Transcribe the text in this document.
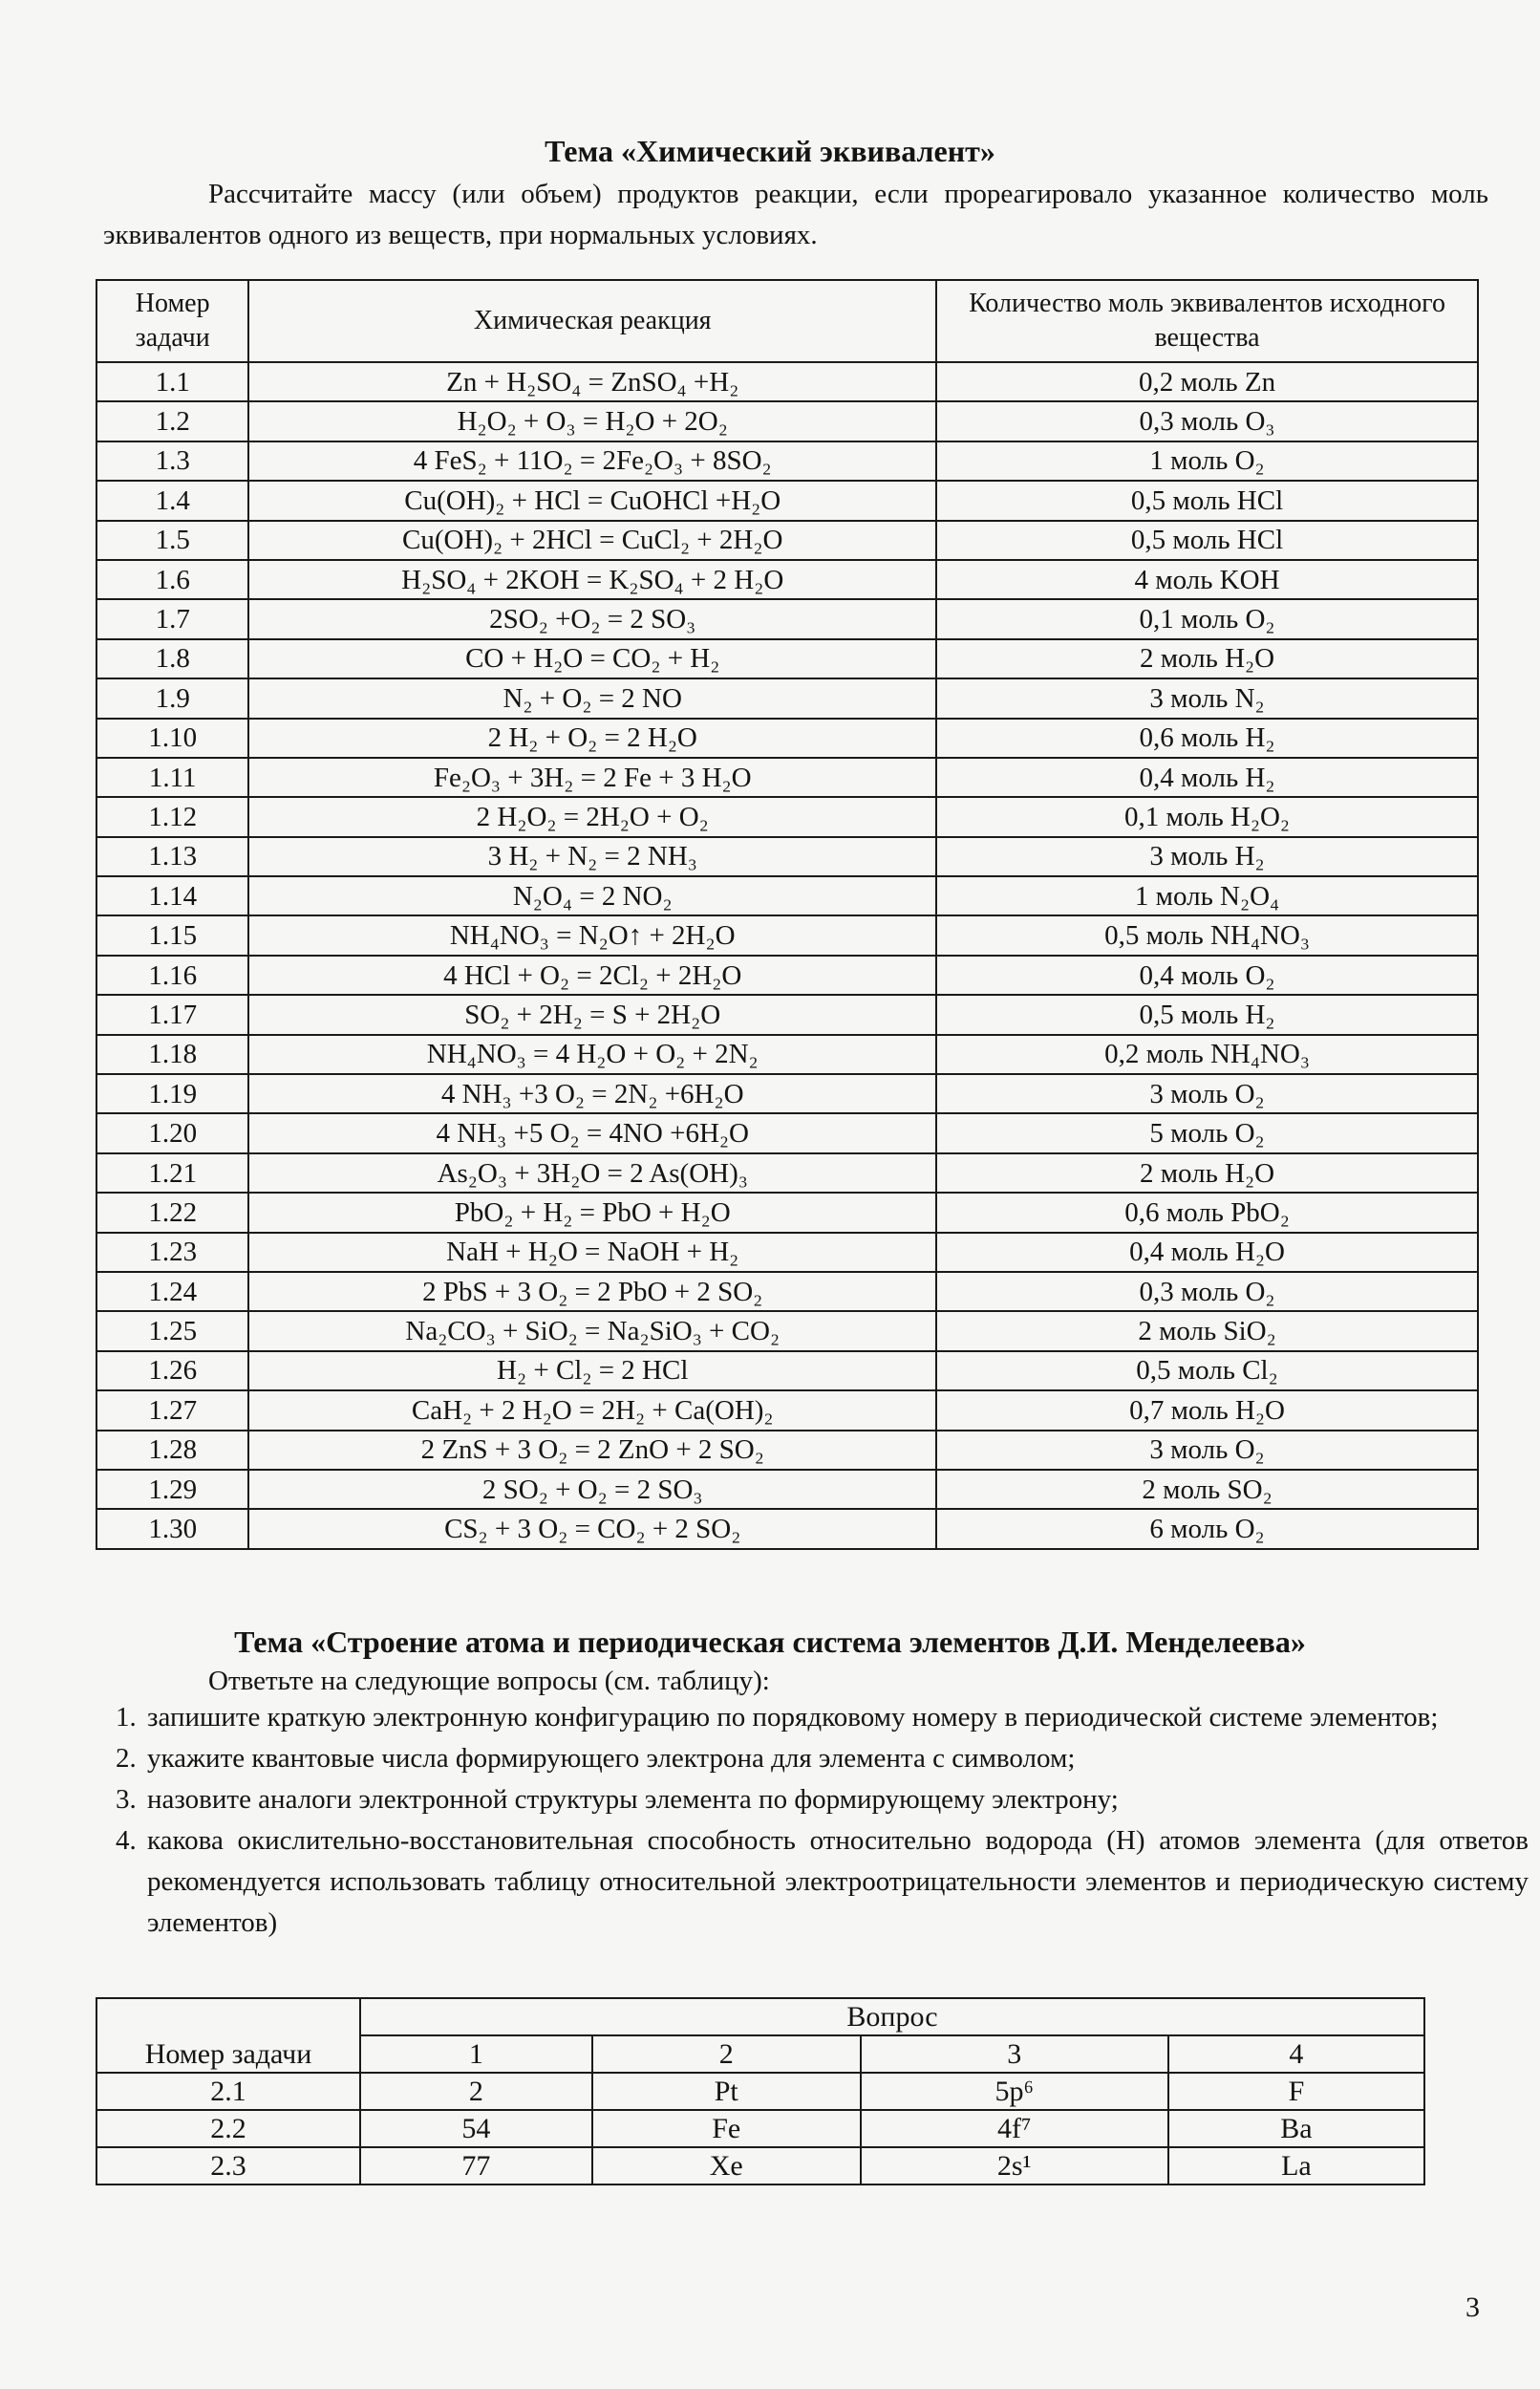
Тема «Химический эквивалент»
Рассчитайте массу (или объем) продуктов реакции, если прореагировало указанное количество моль эквивалентов одного из веществ, при нормальных условиях.
Номер задачи	Химическая реакция	Количество моль эквивалентов исходного вещества
1.1	Zn + H₂SO₄ = ZnSO₄ +H₂	0,2 моль Zn
1.2	H₂O₂ + O₃ = H₂O + 2O₂	0,3 моль O₃
1.3	4 FeS₂ + 11O₂ = 2Fe₂O₃ + 8SO₂	1 моль O₂
1.4	Cu(OH)₂ + HCl = CuOHCl +H₂O	0,5 моль HCl
1.5	Cu(OH)₂ + 2HCl = CuCl₂ + 2H₂O	0,5 моль HCl
1.6	H₂SO₄ + 2KOH = K₂SO₄ + 2 H₂O	4 моль KOH
1.7	2SO₂ +O₂ = 2 SO₃	0,1 моль O₂
1.8	CO + H₂O = CO₂ + H₂	2 моль H₂O
1.9	N₂ + O₂ = 2 NO	3 моль N₂
1.10	2 H₂ + O₂ = 2 H₂O	0,6 моль H₂
1.11	Fe₂O₃ + 3H₂ = 2 Fe + 3 H₂O	0,4 моль H₂
1.12	2 H₂O₂ = 2H₂O + O₂	0,1 моль H₂O₂
1.13	3 H₂ + N₂ = 2 NH₃	3 моль H₂
1.14	N₂O₄ = 2 NO₂	1 моль N₂O₄
1.15	NH₄NO₃ = N₂O↑ + 2H₂O	0,5 моль NH₄NO₃
1.16	4 HCl + O₂ = 2Cl₂ + 2H₂O	0,4 моль O₂
1.17	SO₂ + 2H₂ = S + 2H₂O	0,5 моль H₂
1.18	NH₄NO₃ = 4 H₂O + O₂ + 2N₂	0,2 моль NH₄NO₃
1.19	4 NH₃ +3 O₂ = 2N₂ +6H₂O	3 моль O₂
1.20	4 NH₃ +5 O₂ = 4NO +6H₂O	5 моль O₂
1.21	As₂O₃ + 3H₂O = 2 As(OH)₃	2 моль H₂O
1.22	PbO₂ + H₂ = PbO + H₂O	0,6 моль PbO₂
1.23	NaH + H₂O = NaOH + H₂	0,4 моль H₂O
1.24	2 PbS + 3 O₂ = 2 PbO + 2 SO₂	0,3 моль O₂
1.25	Na₂CO₃ + SiO₂ = Na₂SiO₃ + CO₂	2 моль SiO₂
1.26	H₂ + Cl₂ = 2 HCl	0,5 моль Cl₂
1.27	CaH₂ + 2 H₂O = 2H₂ + Ca(OH)₂	0,7 моль H₂O
1.28	2 ZnS + 3 O₂ = 2 ZnO + 2 SO₂	3 моль O₂
1.29	2 SO₂ + O₂ = 2 SO₃	2 моль SO₂
1.30	CS₂ + 3 O₂ = CO₂ + 2 SO₂	6 моль O₂
Тема «Строение атома и периодическая система элементов Д.И. Менделеева»
Ответьте на следующие вопросы (см. таблицу):
1. запишите краткую электронную конфигурацию по порядковому номеру в периодической системе элементов;
2. укажите квантовые числа формирующего электрона для элемента с символом;
3. назовите аналоги электронной структуры элемента по формирующему электрону;
4. какова окислительно-восстановительная способность относительно водорода (Н) атомов элемента (для ответов рекомендуется использовать таблицу относительной электроотрицательности элементов и периодическую систему элементов)
Номер задачи	Вопрос			
	1	2	3	4
2.1	2	Pt	5p⁶	F
2.2	54	Fe	4f⁷	Ba
2.3	77	Xe	2s¹	La
3
